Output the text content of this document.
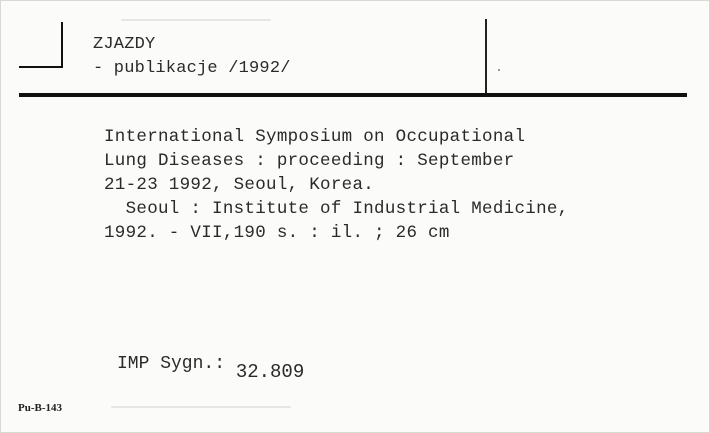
ZJAZDY
- publikacje /1992/
International Symposium on Occupational
Lung Diseases : proceeding : September
21-23 1992, Seoul, Korea.
Seoul : Institute of Industrial Medicine,
1992. - VII,190 s. : il. ; 26 cm
IMP Sygn.: 32.809
Pu-B-143
